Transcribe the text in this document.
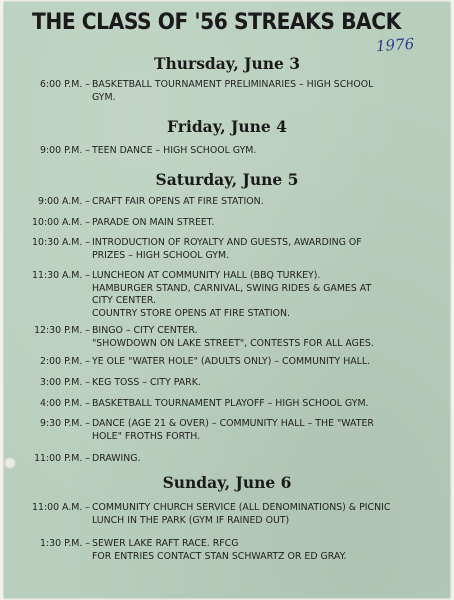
THE CLASS OF '56 STREAKS BACK
1976
Thursday, June 3
6:00 P.M. – BASKETBALL TOURNAMENT PRELIMINARIES – HIGH SCHOOL
GYM.
Friday, June 4
9:00 P.M. – TEEN DANCE – HIGH SCHOOL GYM.
Saturday, June 5
9:00 A.M. – CRAFT FAIR OPENS AT FIRE STATION.
10:00 A.M. – PARADE ON MAIN STREET.
10:30 A.M. – INTRODUCTION OF ROYALTY AND GUESTS, AWARDING OF
PRIZES – HIGH SCHOOL GYM.
11:30 A.M. – LUNCHEON AT COMMUNITY HALL (BBQ TURKEY).
HAMBURGER STAND, CARNIVAL, SWING RIDES & GAMES AT
CITY CENTER.
COUNTRY STORE OPENS AT FIRE STATION.
12:30 P.M. – BINGO – CITY CENTER.
"SHOWDOWN ON LAKE STREET", CONTESTS FOR ALL AGES.
2:00 P.M. – YE OLE "WATER HOLE" (ADULTS ONLY) – COMMUNITY HALL.
3:00 P.M. – KEG TOSS – CITY PARK.
4:00 P.M. – BASKETBALL TOURNAMENT PLAYOFF – HIGH SCHOOL GYM.
9:30 P.M. – DANCE (AGE 21 & OVER) – COMMUNITY HALL – THE "WATER
HOLE" FROTHS FORTH.
11:00 P.M. – DRAWING.
Sunday, June 6
11:00 A.M. – COMMUNITY CHURCH SERVICE (ALL DENOMINATIONS) & PICNIC
LUNCH IN THE PARK (GYM IF RAINED OUT)
1:30 P.M. – SEWER LAKE RAFT RACE. RFCG
FOR ENTRIES CONTACT STAN SCHWARTZ OR ED GRAY.
